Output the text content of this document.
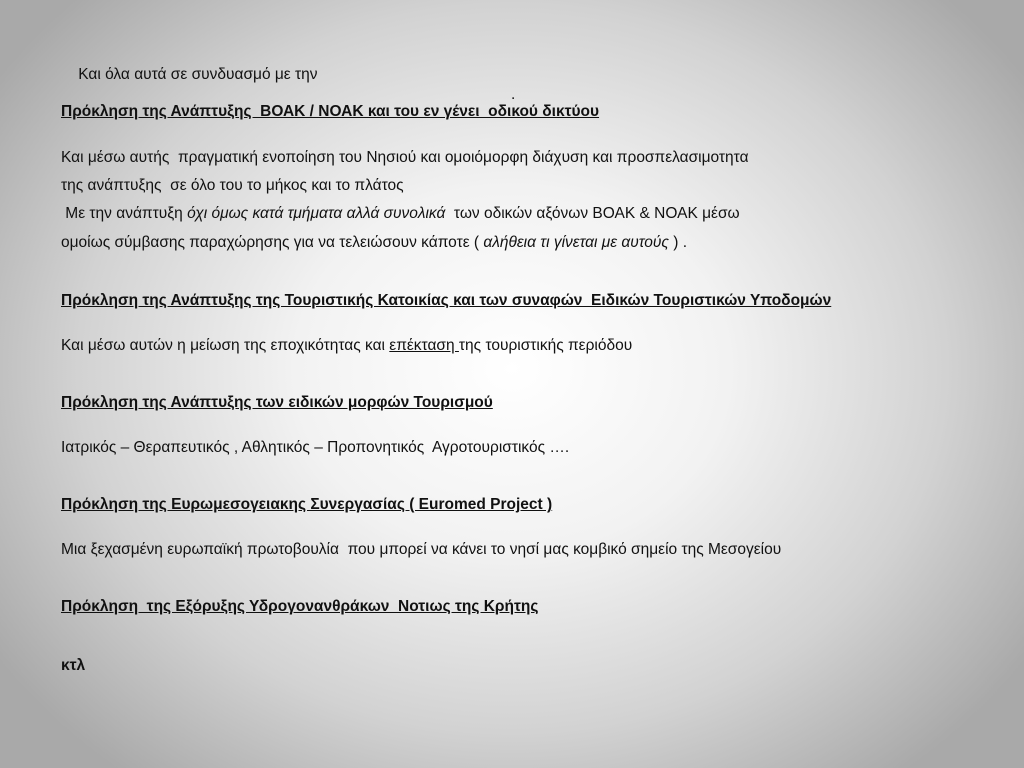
Και όλα αυτά σε συνδυασμό με την

.

Πρόκληση της Ανάπτυξης  ΒΟΑΚ / ΝΟΑΚ και του εν γένει  οδικού δικτύου
Και μέσω αυτής  πραγματική ενοποίηση του Νησιού και ομοιόμορφη διάχυση και προσπελασιμοτητα
της ανάπτυξης  σε όλο του το μήκος και το πλάτος
Με την ανάπτυξη όχι όμως κατά τμήματα αλλά συνολικά  των οδικών αξόνων ΒΟΑΚ & ΝΟΑΚ μέσω
ομοίως σύμβασης παραχώρησης για να τελειώσουν κάποτε ( αλήθεια τι γίνεται με αυτούς ) .
Πρόκληση της Ανάπτυξης της Τουριστικής Κατοικίας και των συναφών  Ειδικών Τουριστικών Υποδομών
Και μέσω αυτών η μείωση της εποχικότητας και επέκταση της τουριστικής περιόδου
Πρόκληση της Ανάπτυξης των ειδικών μορφών Τουρισμού
Ιατρικός – Θεραπευτικός , Αθλητικός – Προπονητικός  Αγροτουριστικός ….
Πρόκληση της Ευρωμεσογειακης Συνεργασίας ( Euromed Project )
Μια ξεχασμένη ευρωπαϊκή πρωτοβουλία  που μπορεί να κάνει το νησί μας κομβικό σημείο της Μεσογείου
Πρόκληση  της Εξόρυξης Υδρογονανθράκων  Νοτιως της Κρήτης
κτλ
